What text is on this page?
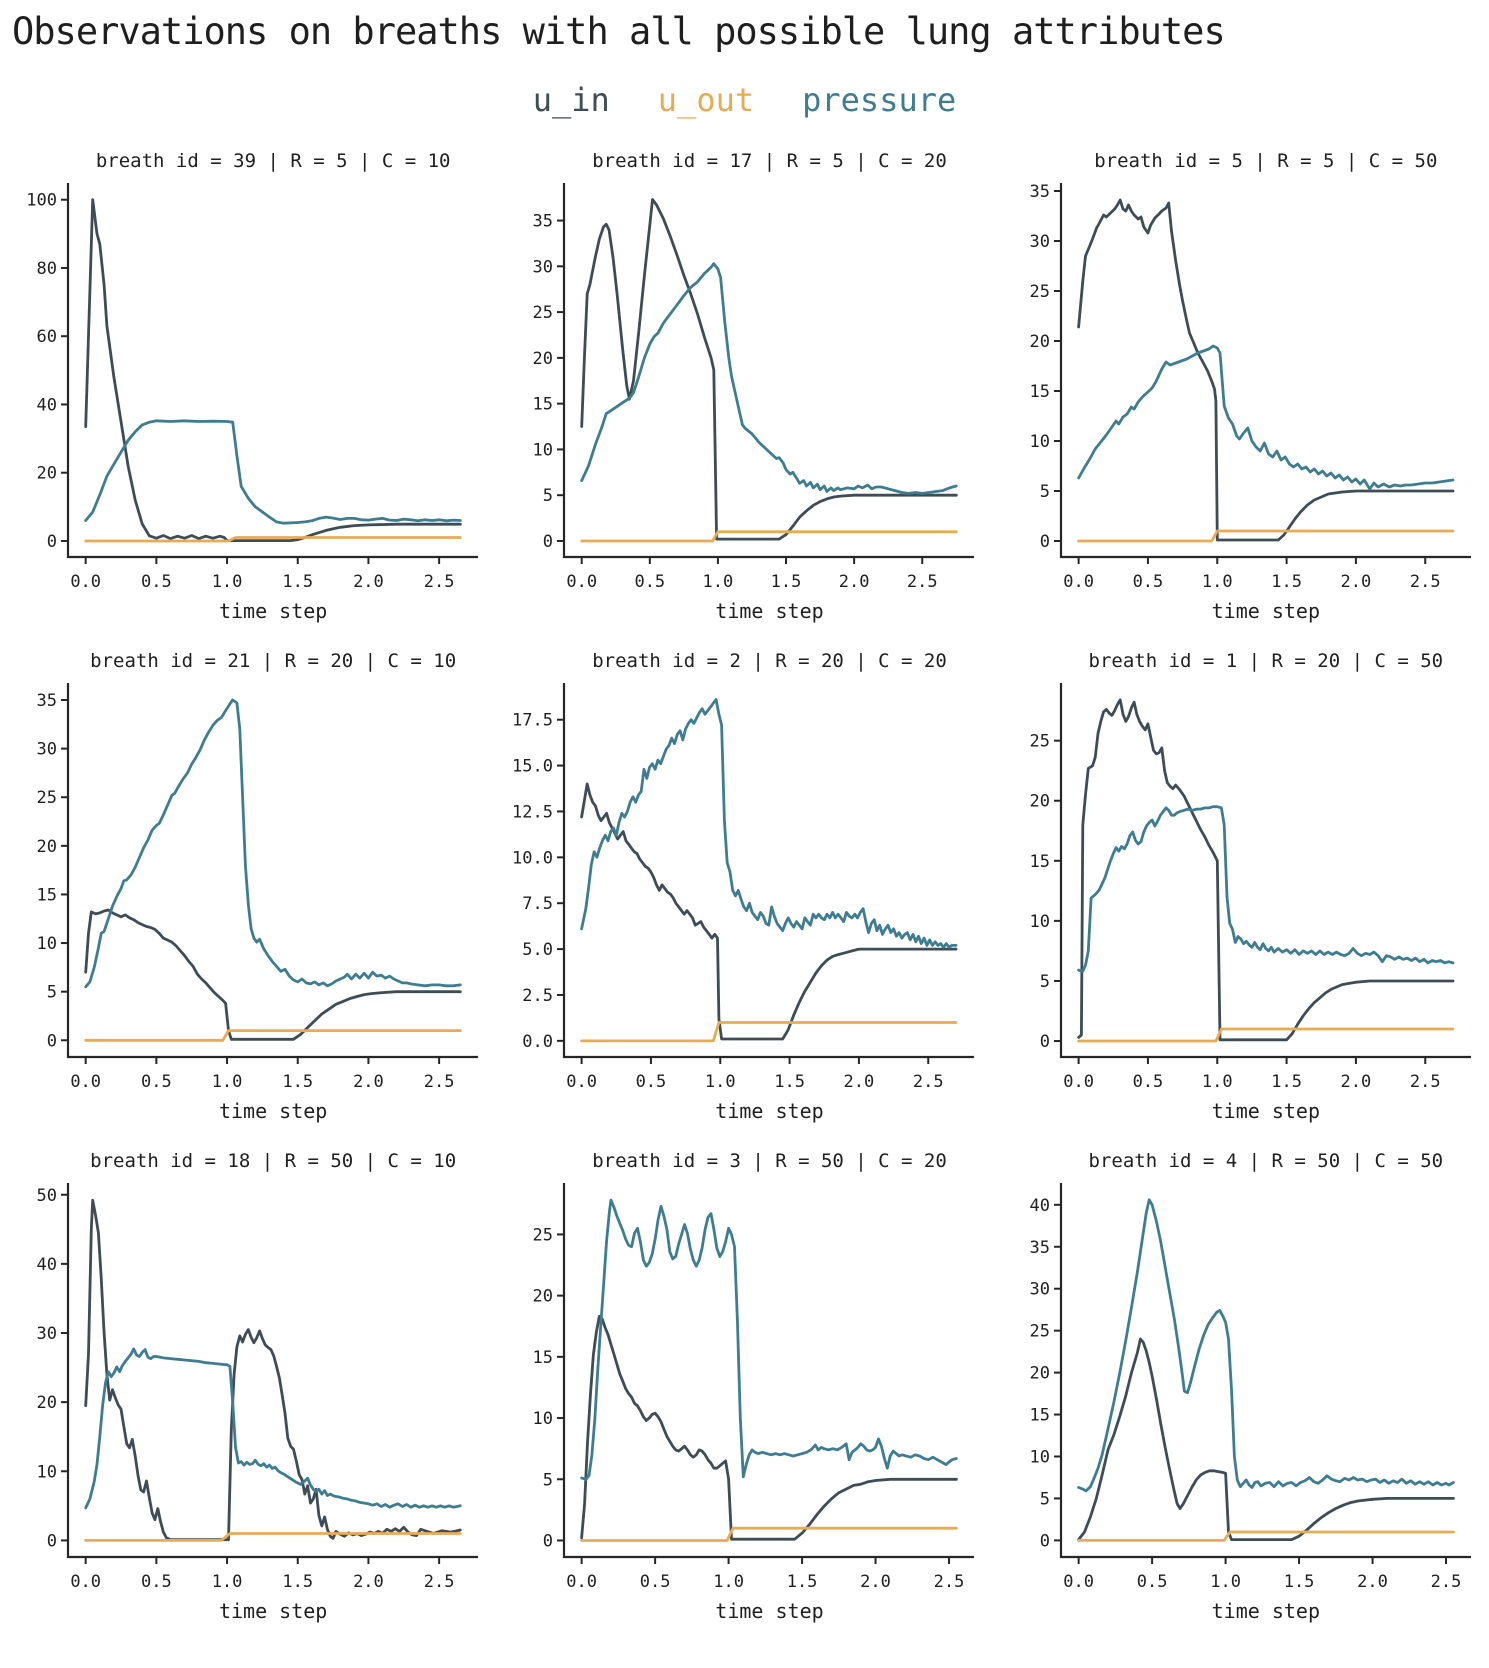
Observations on breaths with all possible lung attributes
u_in u_out pressure
breath id = 39 | R = 5 | C = 10
0
20
40
60
80
100
0.0 0.5 1.0 1.5 2.0 2.5
time step
breath id = 17 | R = 5 | C = 20
0
5
10
15
20
25
30
35
0.0 0.5 1.0 1.5 2.0 2.5
time step
breath id = 5 | R = 5 | C = 50
0
5
10
15
20
25
30
35
0.0 0.5 1.0 1.5 2.0 2.5
time step
breath id = 21 | R = 20 | C = 10
0
5
10
15
20
25
30
35
0.0 0.5 1.0 1.5 2.0 2.5
time step
breath id = 2 | R = 20 | C = 20
0.0
2.5
5.0
7.5
10.0
12.5
15.0
17.5
0.0 0.5 1.0 1.5 2.0 2.5
time step
breath id = 1 | R = 20 | C = 50
0
5
10
15
20
25
0.0 0.5 1.0 1.5 2.0 2.5
time step
breath id = 18 | R = 50 | C = 10
0
10
20
30
40
50
0.0 0.5 1.0 1.5 2.0 2.5
time step
breath id = 3 | R = 50 | C = 20
0
5
10
15
20
25
0.0	0.5	1.0	1.5	2.0	2.5
time step
breath id = 4 | R = 50 | C = 50
0
5
10
15
20
25
30
35
40
0.0	0.5	1.0	1.5	2.0	2.5
time step
